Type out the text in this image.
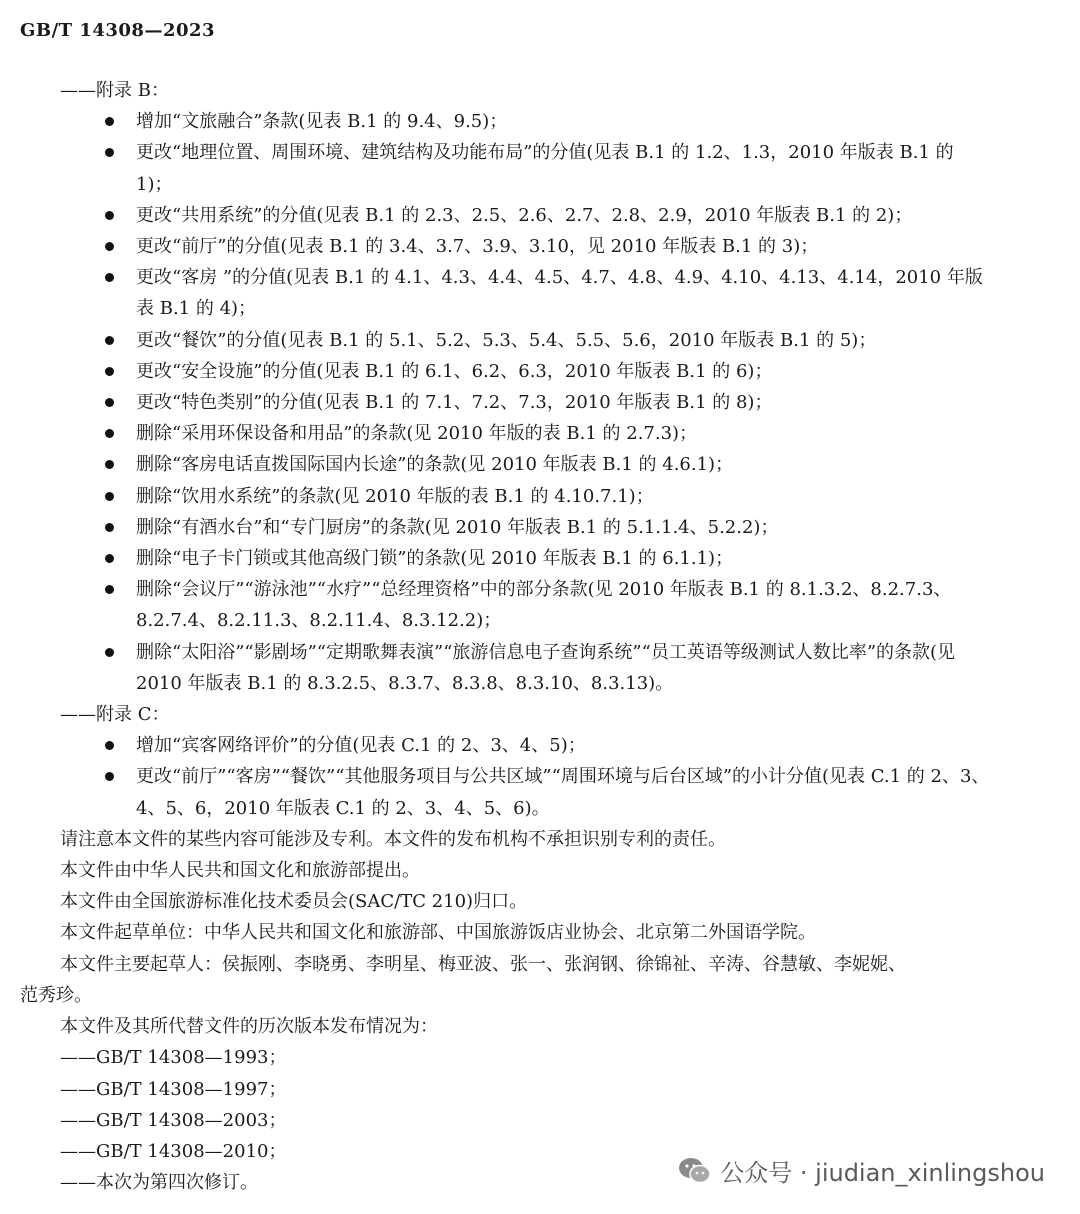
GB/T 14308—2023

——附录 B：

增加“文旅融合”条款(见表 B.1 的 9.4、9.5)；
更改“地理位置、周围环境、建筑结构及功能布局”的分值(见表 B.1 的 1.2、1.3，2010 年版表 B.1 的 1)；
更改“共用系统”的分值(见表 B.1 的 2.3、2.5、2.6、2.7、2.8、2.9，2010 年版表 B.1 的 2)；
更改“前厅”的分值(见表 B.1 的 3.4、3.7、3.9、3.10，见 2010 年版表 B.1 的 3)；
更改“客房 ”的分值(见表 B.1 的 4.1、4.3、4.4、4.5、4.7、4.8、4.9、4.10、4.13、4.14，2010 年版表 B.1 的 4)；
更改“餐饮”的分值(见表 B.1 的 5.1、5.2、5.3、5.4、5.5、5.6，2010 年版表 B.1 的 5)；
更改“安全设施”的分值(见表 B.1 的 6.1、6.2、6.3，2010 年版表 B.1 的 6)；
更改“特色类别”的分值(见表 B.1 的 7.1、7.2、7.3，2010 年版表 B.1 的 8)；
删除“采用环保设备和用品”的条款(见 2010 年版的表 B.1 的 2.7.3)；
删除“客房电话直拨国际国内长途”的条款(见 2010 年版表 B.1 的 4.6.1)；
删除“饮用水系统”的条款(见 2010 年版的表 B.1 的 4.10.7.1)；
删除“有酒水台”和“专门厨房”的条款(见 2010 年版表 B.1 的 5.1.1.4、5.2.2)；
删除“电子卡门锁或其他高级门锁”的条款(见 2010 年版表 B.1 的 6.1.1)；
删除“会议厅”“游泳池”“水疗”“总经理资格”中的部分条款(见 2010 年版表 B.1 的 8.1.3.2、8.2.7.3、8.2.7.4、8.2.11.3、8.2.11.4、8.3.12.2)；
删除“太阳浴”“影剧场”“定期歌舞表演”“旅游信息电子查询系统”“员工英语等级测试人数比率”的条款(见 2010 年版表 B.1 的 8.3.2.5、8.3.7、8.3.8、8.3.10、8.3.13)。

——附录 C：

增加“宾客网络评价”的分值(见表 C.1 的 2、3、4、5)；
更改“前厅”“客房”“餐饮”“其他服务项目与公共区域”“周围环境与后台区域”的小计分值(见表 C.1 的 2、3、4、5、6，2010 年版表 C.1 的 2、3、4、5、6)。

请注意本文件的某些内容可能涉及专利。本文件的发布机构不承担识别专利的责任。

本文件由中华人民共和国文化和旅游部提出。

本文件由全国旅游标准化技术委员会(SAC/TC 210)归口。

本文件起草单位：中华人民共和国文化和旅游部、中国旅游饭店业协会、北京第二外国语学院。

本文件主要起草人：侯振刚、李晓勇、李明星、梅亚波、张一、张润钢、徐锦祉、辛涛、谷慧敏、李妮妮、
范秀珍。

本文件及其所代替文件的历次版本发布情况为：

——GB/T 14308—1993；

——GB/T 14308—1997；

——GB/T 14308—2003；

——GB/T 14308—2010；

——本次为第四次修订。	公众号 · jiudian_xinlingshou
